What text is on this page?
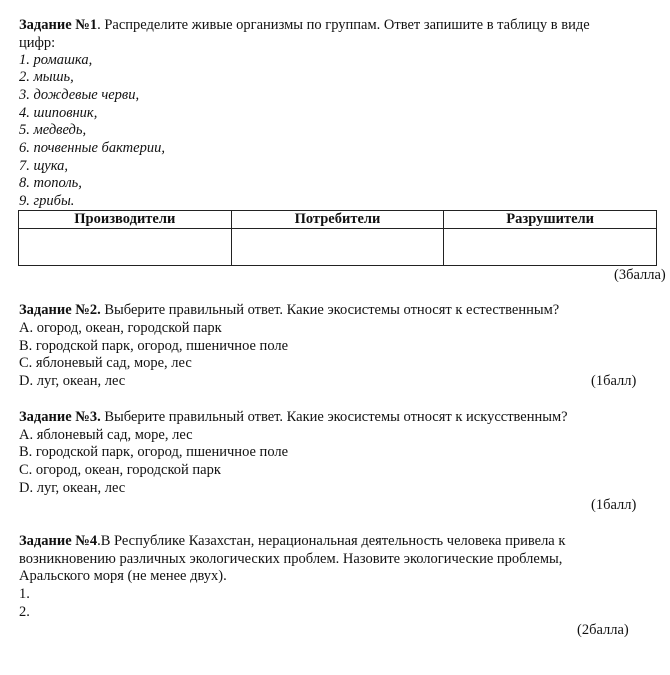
Задание №1. Распределите живые организмы по группам. Ответ запишите в таблицу в виде
цифр:
1. ромашка,
2. мышь,
3. дождевые черви,
4. шиповник,
5. медведь,
6. почвенные бактерии,
7. щука,
8. тополь,
9. грибы.
Производители	Потребители	Разрушители

(3балла)
Задание №2. Выберите правильный ответ. Какие экосистемы относят к естественным?
А. огород, океан, городской парк
B. городской парк, огород, пшеничное поле
C. яблоневый сад, море, лес
D. луг, океан, лес	(1балл)
Задание №3. Выберите правильный ответ. Какие экосистемы относят к искусственным?
А. яблоневый сад, море, лес
B. городской парк, огород, пшеничное поле
C. огород, океан, городской парк
D. луг, океан, лес
(1балл)
Задание №4.В Республике Казахстан, нерациональная деятельность человека привела к
возникновению различных экологических проблем. Назовите экологические проблемы,
Аральского моря (не менее двух).
1.
2.
(2балла)
